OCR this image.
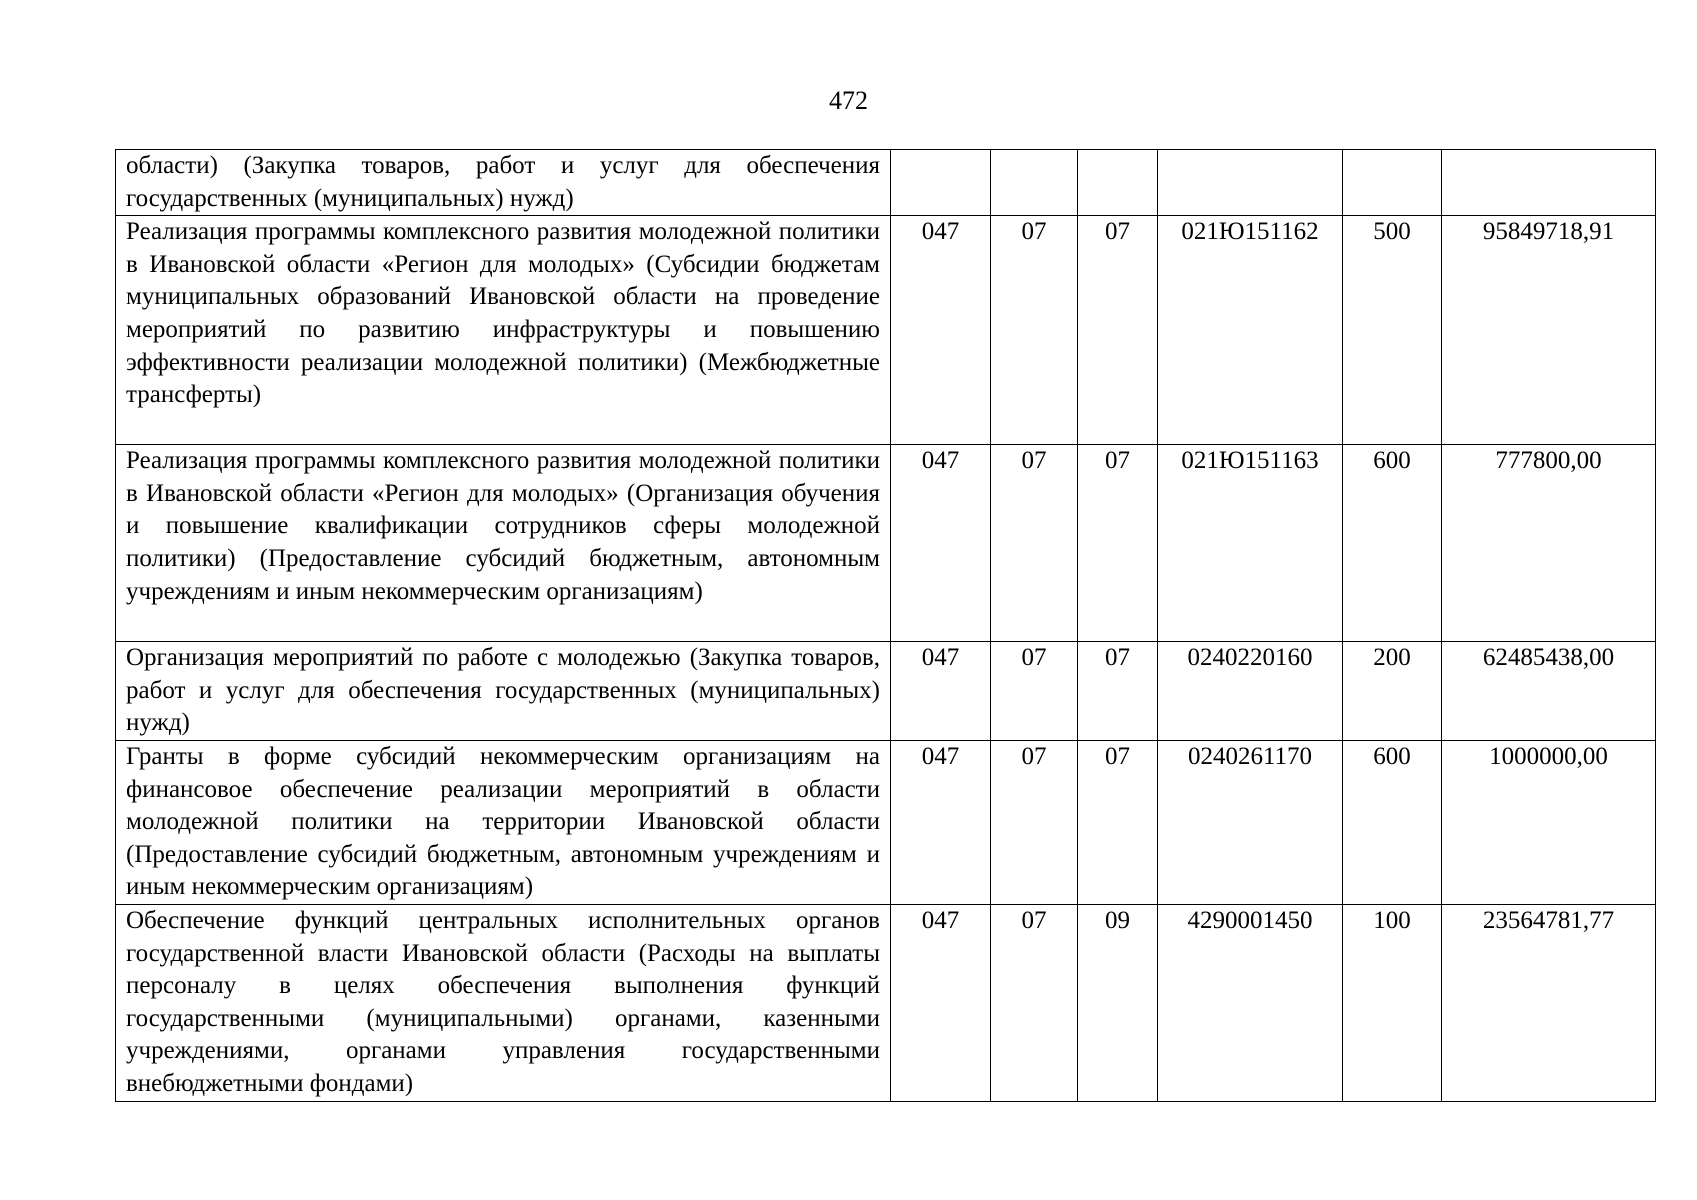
472
области) (Закупка товаров, работ и услуг для обеспечения государственных (муниципальных) нужд)						
Реализация программы комплексного развития молодежной политики в Ивановской области «Регион для молодых» (Субсидии бюджетам муниципальных образований Ивановской области на проведение мероприятий по развитию инфраструктуры и повышению эффективности реализации молодежной политики) (Межбюджетные трансферты)	047	07	07	021Ю151162	500	95849718,91
Реализация программы комплексного развития молодежной политики в Ивановской области «Регион для молодых» (Организация обучения и повышение квалификации сотрудников сферы молодежной политики) (Предоставление субсидий бюджетным, автономным учреждениям и иным некоммерческим организациям)	047	07	07	021Ю151163	600	777800,00
Организация мероприятий по работе с молодежью (Закупка товаров, работ и услуг для обеспечения государственных (муниципальных) нужд)	047	07	07	0240220160	200	62485438,00
Гранты в форме субсидий некоммерческим организациям на финансовое обеспечение реализации мероприятий в области молодежной политики на территории Ивановской области (Предоставление субсидий бюджетным, автономным учреждениям и иным некоммерческим организациям)	047	07	07	0240261170	600	1000000,00
Обеспечение функций центральных исполнительных органов государственной власти Ивановской области (Расходы на выплаты персоналу в целях обеспечения выполнения функций государственными (муниципальными) органами, казенными учреждениями, органами управления государственными внебюджетными фондами)	047	07	09	4290001450	100	23564781,77
